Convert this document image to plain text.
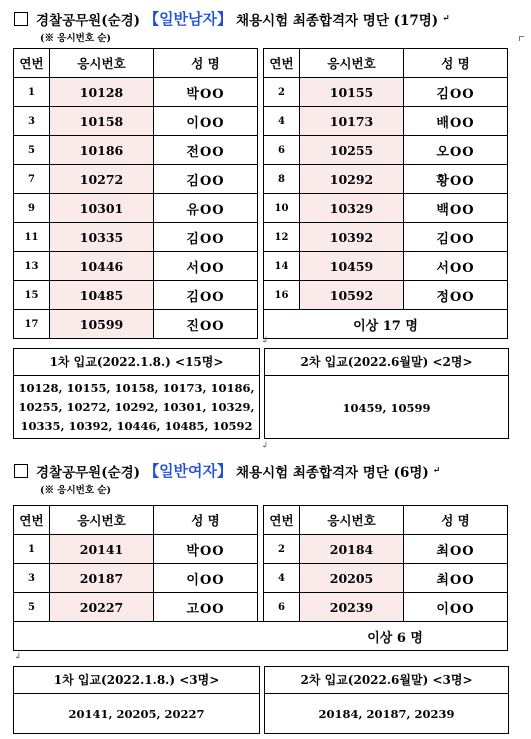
경찰공무원(순경) 【일반남자】 채용시험 최종합격자 명단 (17명) ↵
(※ 응시번호 순)
연번	응시번호	성 명		연번	응시번호	성 명
1	10128	박OO		2	10155	김OO
3	10158	이OO		4	10173	배OO
5	10186	전OO		6	10255	오OO
7	10272	김OO		8	10292	황OO
9	10301	유OO		10	10329	백OO
11	10335	김OO		12	10392	김OO
13	10446	서OO		14	10459	서OO
15	10485	김OO		16	10592	정OO
17	10599	진OO		이상 17 명		
↲
1차 입교(2022.1.8.) <15명>
10128, 10155, 10158, 10173, 10186,
10255, 10272, 10292, 10301, 10329,
10335, 10392, 10446, 10485, 10592
2차 입교(2022.6월말) <2명>
10459, 10599
↲
경찰공무원(순경) 【일반여자】 채용시험 최종합격자 명단 (6명) ↵
(※ 응시번호 순)
연번	응시번호	성 명		연번	응시번호	성 명
1	20141	박OO		2	20184	최OO
3	20187	이OO		4	20205	최OO
5	20227	고OO		6	20239	이OO
이상 6 명						
↲
1차 입교(2022.1.8.) <3명>
20141, 20205, 20227
2차 입교(2022.6월말) <3명>
20184, 20187, 20239
